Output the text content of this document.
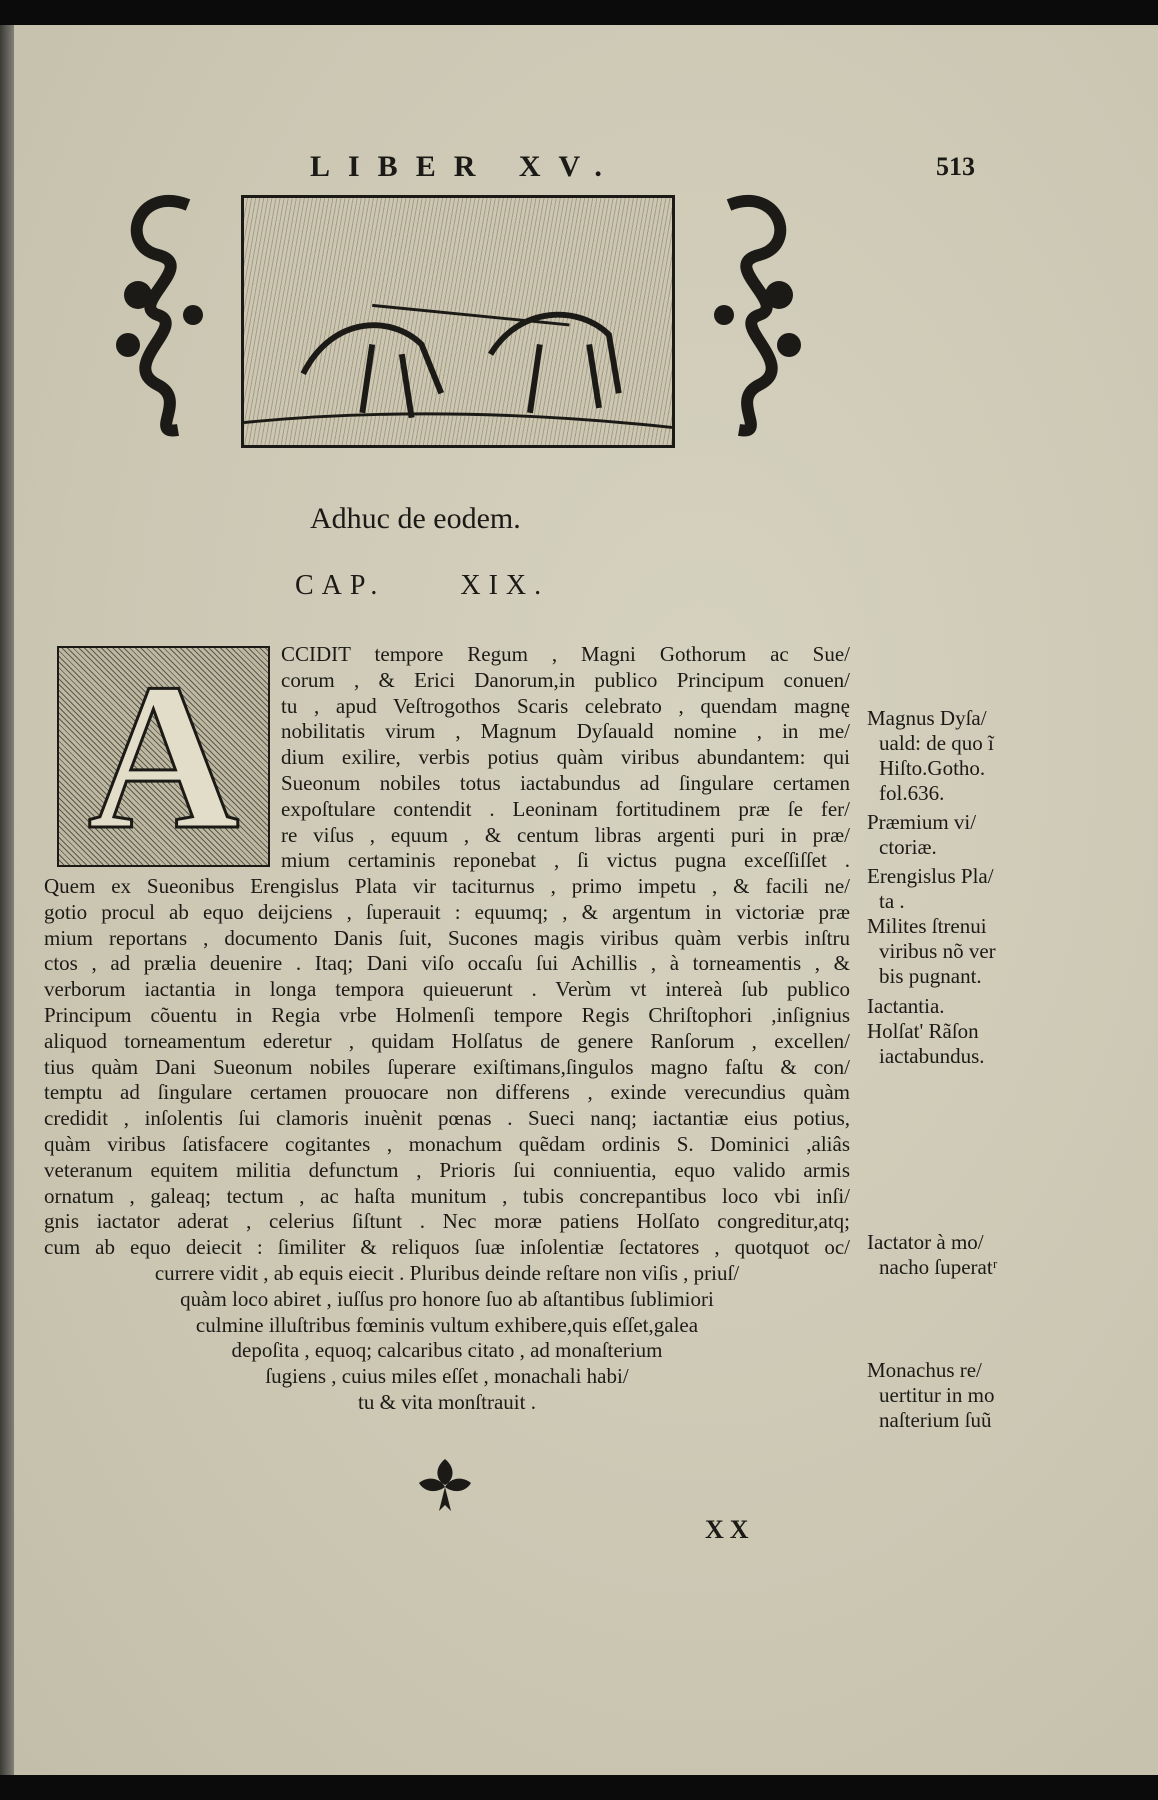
LIBER XV.	513
Adhuc de eodem.
CAP.     XIX.
A CCIDIT tempore Regum , Magni Gothorum ac Sue/
corum , & Erici Danorum,in publico Principum conuen/
tu , apud Veſtrogothos Scaris celebrato , quendam magnę
nobilitatis virum , Magnum Dyſauald nomine , in me/
dium exilire, verbis potius quàm viribus abundantem: qui
Sueonum nobiles totus iactabundus ad ſingulare certamen
expoſtulare contendit . Leoninam fortitudinem præ ſe fer/
re viſus , equum , & centum libras argenti puri in præ/
mium certaminis reponebat , ſi victus pugna exceſſiſſet .
Quem ex Sueonibus Erengislus Plata vir taciturnus , primo impetu , & facili ne/
gotio procul ab equo deijciens , ſuperauit : equumq; , & argentum in victoriæ præ
mium reportans , documento Danis ſuit, Sucones magis viribus quàm verbis inſtru
ctos , ad prælia deuenire . Itaq; Dani viſo occaſu ſui Achillis , à torneamentis , &
verborum iactantia in longa tempora quieuerunt . Verùm vt intereà ſub publico
Principum cõuentu in Regia vrbe Holmenſi tempore Regis Chriſtophori ,inſignius
aliquod torneamentum ederetur , quidam Holſatus de genere Ranſorum , excellen/
tius quàm Dani Sueonum nobiles ſuperare exiſtimans,ſingulos magno faſtu & con/
temptu ad ſingulare certamen prouocare non differens , exinde verecundius quàm
credidit , inſolentis ſui clamoris inuènit pœnas . Sueci nanq; iactantiæ eius potius,
quàm viribus ſatisfacere cogitantes , monachum quẽdam ordinis S. Dominici ,aliâs
veteranum equitem militia defunctum , Prioris ſui conniuentia, equo valido armis
ornatum , galeaq; tectum , ac haſta munitum , tubis concrepantibus loco vbi inſi/
gnis iactator aderat , celerius ſiſtunt . Nec moræ patiens Holſato congreditur,atq;
cum ab equo deiecit : ſimiliter & reliquos ſuæ inſolentiæ ſectatores , quotquot oc/
currere vidit , ab equis eiecit . Pluribus deinde reſtare non viſis , priuſ/
quàm loco abiret , iuſſus pro honore ſuo ab aſtantibus ſublimiori
culmine illuſtribus fœminis vultum exhibere,quis eſſet,galea
depoſita , equoq; calcaribus citato , ad monaſterium
ſugiens , cuius miles eſſet , monachali habi/
tu & vita monſtrauit .
Magnus Dyſa/
uald: de quo ĩ
Hiſto.Gotho.
fol.636.
Præmium vi/
ctoriæ.
Erengislus Pla/
ta .
Milites ſtrenui
viribus nõ ver
bis pugnant.
Iactantia.
Holſat' Rãſon
iactabundus.
Iactator à mo/
nacho ſuperatʳ
Monachus re/
uertitur in mo
naſterium ſuũ
XX
